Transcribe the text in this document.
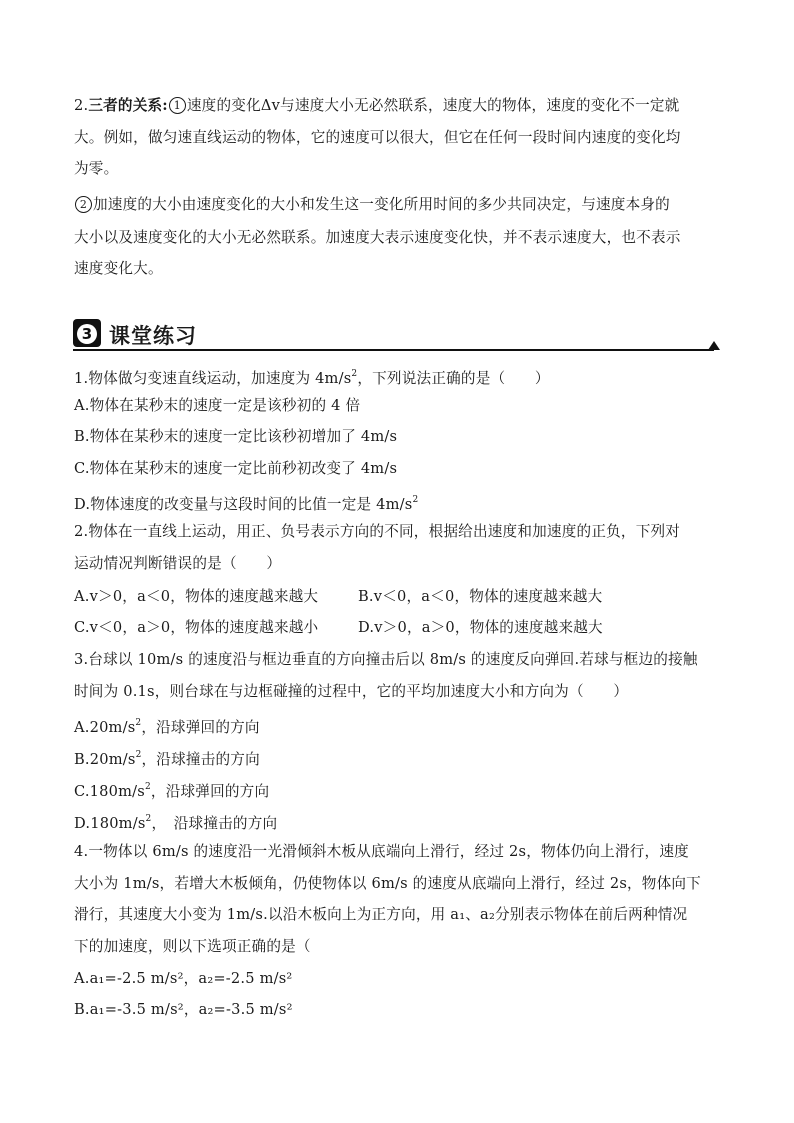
2.三者的关系: 1 速度的变化Δv与速度大小无必然联系，速度大的物体，速度的变化不一定就
大。例如，做匀速直线运动的物体，它的速度可以很大，但它在任何一段时间内速度的变化均
为零。
2 加速度的大小由速度变化的大小和发生这一变化所用时间的多少共同决定，与速度本身的
大小以及速度变化的大小无必然联系。加速度大表示速度变化快，并不表示速度大，也不表示
速度变化大。
3 课堂练习
1.物体做匀变速直线运动，加速度为 $4m/s^2$，下列说法正确的是（　　）
A.物体在某秒末的速度一定是该秒初的 4 倍
B.物体在某秒末的速度一定比该秒初增加了 4m/s
C.物体在某秒末的速度一定比前秒初改变了 4m/s
D.物体速度的改变量与这段时间的比值一定是 $4m/s^2$
2.物体在一直线上运动，用正、负号表示方向的不同，根据给出速度和加速度的正负，下列对
运动情况判断错误的是（　　）
A.v＞0，a＜0，物体的速度越来越大	B.v＜0，a＜0，物体的速度越来越大
C.v＜0，a＞0，物体的速度越来越小	D.v＞0，a＞0，物体的速度越来越大
3.台球以 10m/s 的速度沿与框边垂直的方向撞击后以 8m/s 的速度反向弹回.若球与框边的接触
时间为 0.1s，则台球在与边框碰撞的过程中，它的平均加速度大小和方向为（　　）
$A.20m/s^2$，沿球弹回的方向
$B.20m/s^2$，沿球撞击的方向
$C.180m/s^2$，沿球弹回的方向
$D.180m/s^2$，　沿球撞击的方向
4.一物体以 6m/s 的速度沿一光滑倾斜木板从底端向上滑行，经过 2s，物体仍向上滑行，速度
大小为 1m/s，若增大木板倾角，仍使物体以 6m/s 的速度从底端向上滑行，经过 2s，物体向下
滑行，其速度大小变为 1m/s.以沿木板向上为正方向，用 a₁、a₂分别表示物体在前后两种情况
下的加速度，则以下选项正确的是（
A.a₁=-2.5 m/s²，a₂=-2.5 m/s²
B.a₁=-3.5 m/s²，a₂=-3.5 m/s²
